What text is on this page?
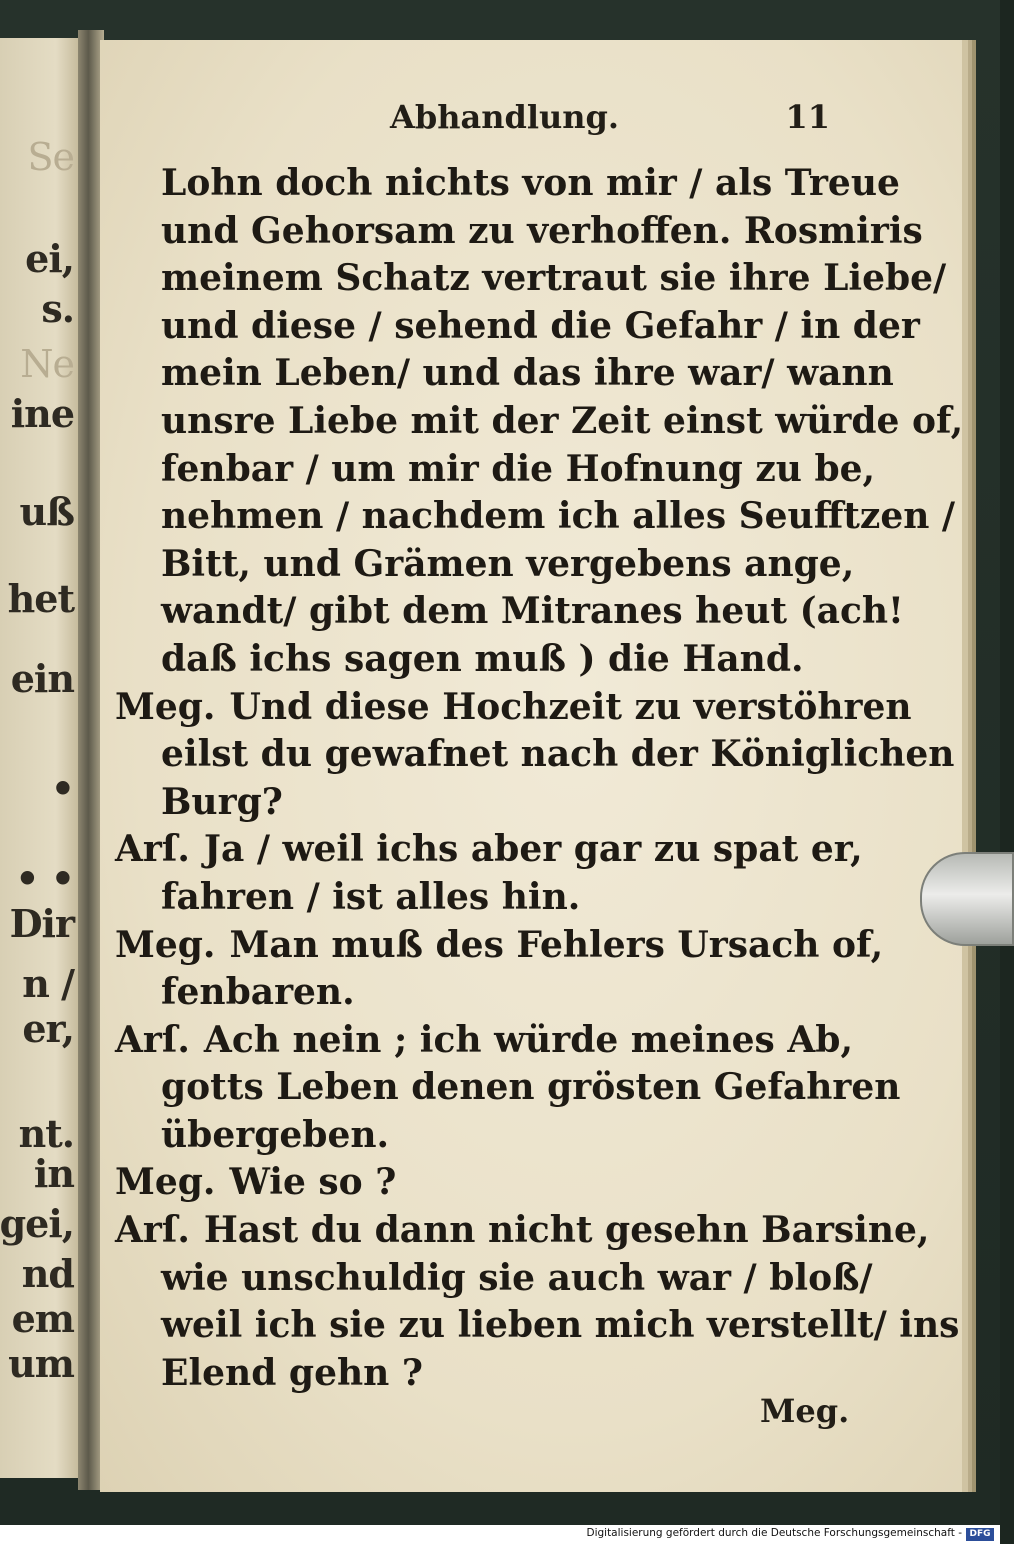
Se
ei,
s.
Ne
ine
uß
het
ein
•
• •
Dir
n /
er,
nt.
in
gei,
nd
em
um
Abhandlung.	11
Lohn doch nichts von mir / als Treue
und Gehorsam zu verhoffen. Rosmiris
meinem Schatz vertraut sie ihre Liebe/
und diese / sehend die Gefahr / in der
mein Leben/ und das ihre war/ wann
unsre Liebe mit der Zeit einst würde of,
fenbar / um mir die Hofnung zu be,
nehmen / nachdem ich alles Seufftzen /
Bitt, und Grämen vergebens ange,
wandt/ gibt dem Mitranes heut (ach!
daß ichs sagen muß ) die Hand.
Meg. Und diese Hochzeit zu verstöhren
eilst du gewafnet nach der Königlichen
Burg?
Arſ. Ja / weil ichs aber gar zu spat er,
fahren / ist alles hin.
Meg. Man muß des Fehlers Ursach of,
fenbaren.
Arſ. Ach nein ; ich würde meines Ab,
gotts Leben denen grösten Gefahren
übergeben.
Meg. Wie so ?
Arſ. Hast du dann nicht gesehn Barsine,
wie unschuldig sie auch war / bloß/
weil ich sie zu lieben mich verstellt/ ins
Elend gehn ?
Meg.
Digitalisierung gefördert durch die Deutsche Forschungsgemeinschaft - DFG
